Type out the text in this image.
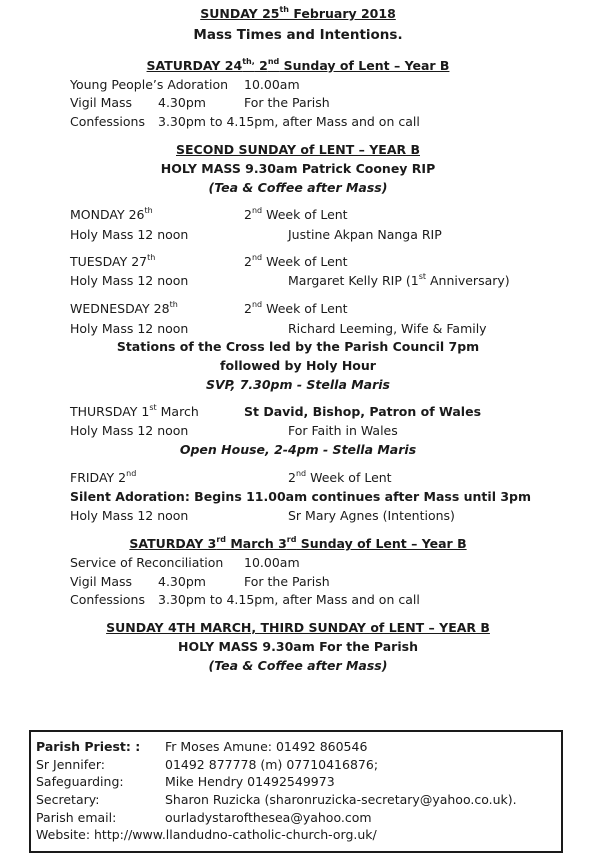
SUNDAY 25th February 2018
Mass Times and Intentions.
SATURDAY $24^{th,}$ 2nd Sunday of Lent – Year B
Young People’s Adoration 10.00am
Vigil Mass 4.30pm	For the Parish
Confessions 3.30pm to 4.15pm, after Mass and on call
SECOND SUNDAY of LENT – YEAR B
HOLY MASS 9.30am Patrick Cooney RIP
(Tea & Coffee after Mass)
MONDAY 26th	2nd Week of Lent
Holy Mass 12 noon	Justine Akpan Nanga RIP
TUESDAY 27th	2nd Week of Lent
Holy Mass 12 noon	Margaret Kelly RIP (1st Anniversary)
WEDNESDAY 28th	2nd Week of Lent
Holy Mass 12 noon	Richard Leeming, Wife & Family
Stations of the Cross led by the Parish Council 7pm
followed by Holy Hour
SVP, 7.30pm - Stella Maris
THURSDAY 1st March	St David, Bishop, Patron of Wales
Holy Mass 12 noon	For Faith in Wales
Open House, 2-4pm - Stella Maris
FRIDAY 2nd	2nd Week of Lent
Silent Adoration: Begins 11.00am continues after Mass until 3pm
Holy Mass 12 noon	Sr Mary Agnes (Intentions)
SATURDAY 3rd March 3rd Sunday of Lent – Year B
Service of Reconciliation 10.00am
Vigil Mass 4.30pm	For the Parish
Confessions 3.30pm to 4.15pm, after Mass and on call
SUNDAY 4TH MARCH, THIRD SUNDAY of LENT – YEAR B
HOLY MASS 9.30am For the Parish
(Tea & Coffee after Mass)
Parish Priest: : Fr Moses Amune: 01492 860546
Sr Jennifer:	01492 877778 (m) 07710416876;
Safeguarding:	Mike Hendry 01492549973
Secretary:	Sharon Ruzicka (sharonruzicka-secretary@yahoo.co.uk).
Parish email:	ourladystarofthesea@yahoo.com
Website: http://www.llandudno-catholic-church-org.uk/
